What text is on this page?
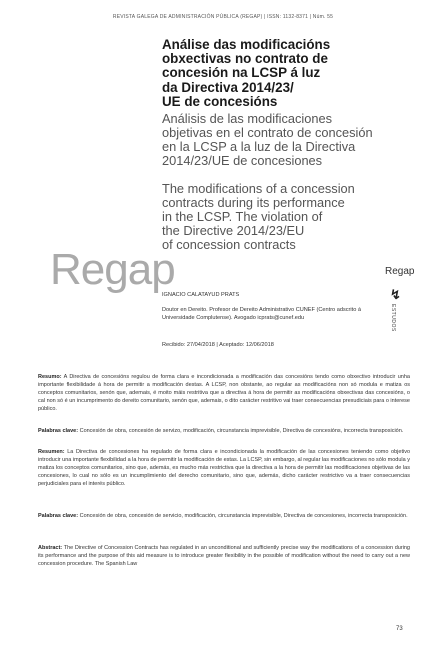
REVISTA GALEGA DE ADMINISTRACIÓN PÚBLICA (REGAP) | ISSN: 1132-8371 | Núm. 55
Análise das modificacións
obxectivas no contrato de
concesión na LCSP á luz
da Directiva 2014/23/
UE de concesións
Análisis de las modificaciones
objetivas en el contrato de concesión
en la LCSP a la luz de la Directiva
2014/23/UE de concesiones
The modifications of a concession
contracts during its performance
in the LCSP. The violation of
the Directive 2014/23/EU
of concession contracts
Regap
IGNACIO CALATAYUD PRATS
Doutor en Dereito. Profesor de Dereito Administrativo CUNEF (Centro adscrito á Universidade Complutense). Avogado icprats@cunef.edu
Recibido: 27/04/2018 | Aceptado: 12/06/2018
Regap
↯
ESTUDOS
Resumo: A Directiva de concesións regulou de forma clara e incondicionada a modificación das concesións tendo como obxectivo introducir unha importante flexibilidade á hora de permitir a modificación destas. A LCSP, non obstante, ao regular as modificacións non só modula e matiza os conceptos comunitarios, senón que, ademais, é moito máis restritiva que a directiva á hora de permitir as modificacións obxectivas das concesións, o cal non só é un incumprimento do dereito comunitario, senón que, ademais, o dito carácter restritivo vai traer consecuencias prexudiciais para o interese público.
Palabras clave: Concesión de obra, concesión de servizo, modificación, circunstancia imprevisible, Directiva de concesións, incorrecta transposición.
Resumen: La Directiva de concesiones ha regulado de forma clara e incondicionada la modificación de las concesiones teniendo como objetivo introducir una importante flexibilidad a la hora de permitir la modificación de estas. La LCSP, sin embargo, al regular las modificaciones no sólo modula y matiza los conceptos comunitarios, sino que, además, es mucho más restrictiva que la directiva a la hora de permitir las modificaciones objetivas de las concesiones, lo cual no sólo es un incumplimiento del derecho comunitario, sino que, además, dicho carácter restrictivo va a traer consecuencias perjudiciales para el interés público.
Palabras clave: Concesión de obra, concesión de servicio, modificación, circunstancia imprevisible, Directiva de concesiones, incorrecta transposición.
Abstract: The Directive of Concession Contracts has regulated in an unconditional and sufficiently precise way the modifications of a concession during its performance and the purpose of this aid measure is to introduce greater flexibility in the possible of modification without the need to carry out a new concession procedure. The Spanish Law
73
